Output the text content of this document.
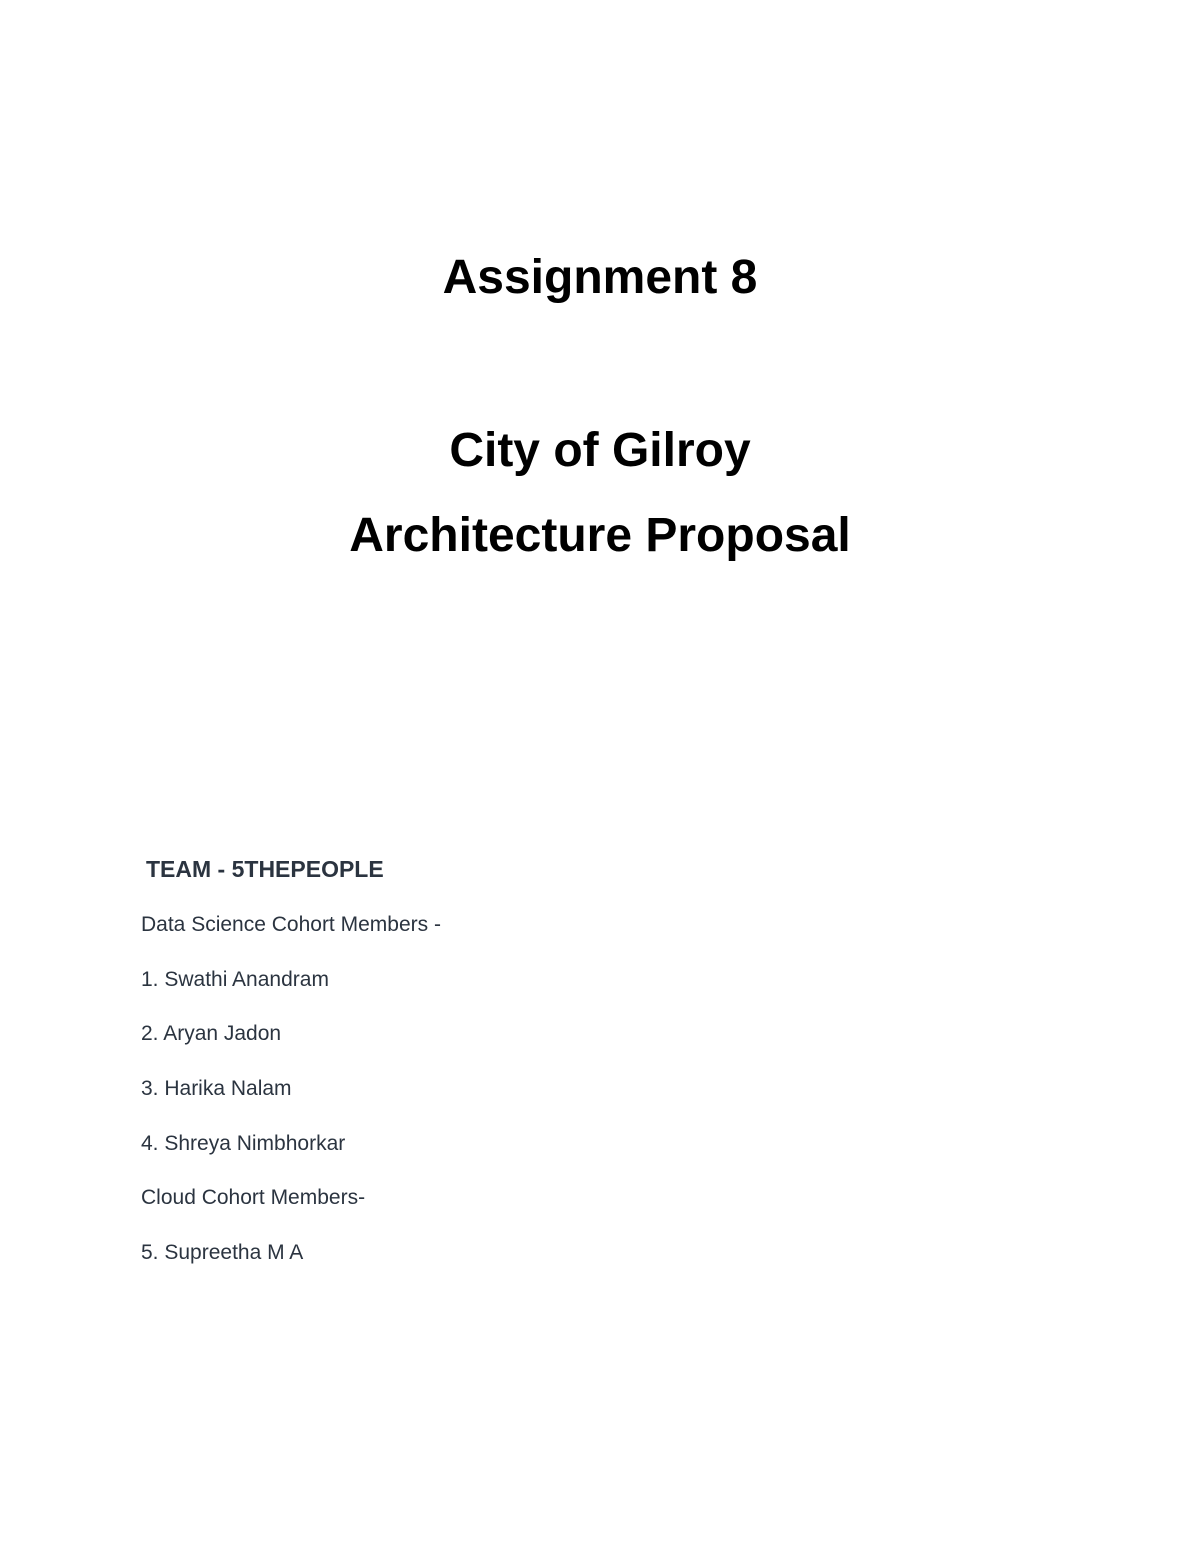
Assignment 8
City of Gilroy
Architecture Proposal
TEAM - 5THEPEOPLE
Data Science Cohort Members -
1. Swathi Anandram
2. Aryan Jadon
3. Harika Nalam
4. Shreya Nimbhorkar
Cloud Cohort Members-
5. Supreetha M A
